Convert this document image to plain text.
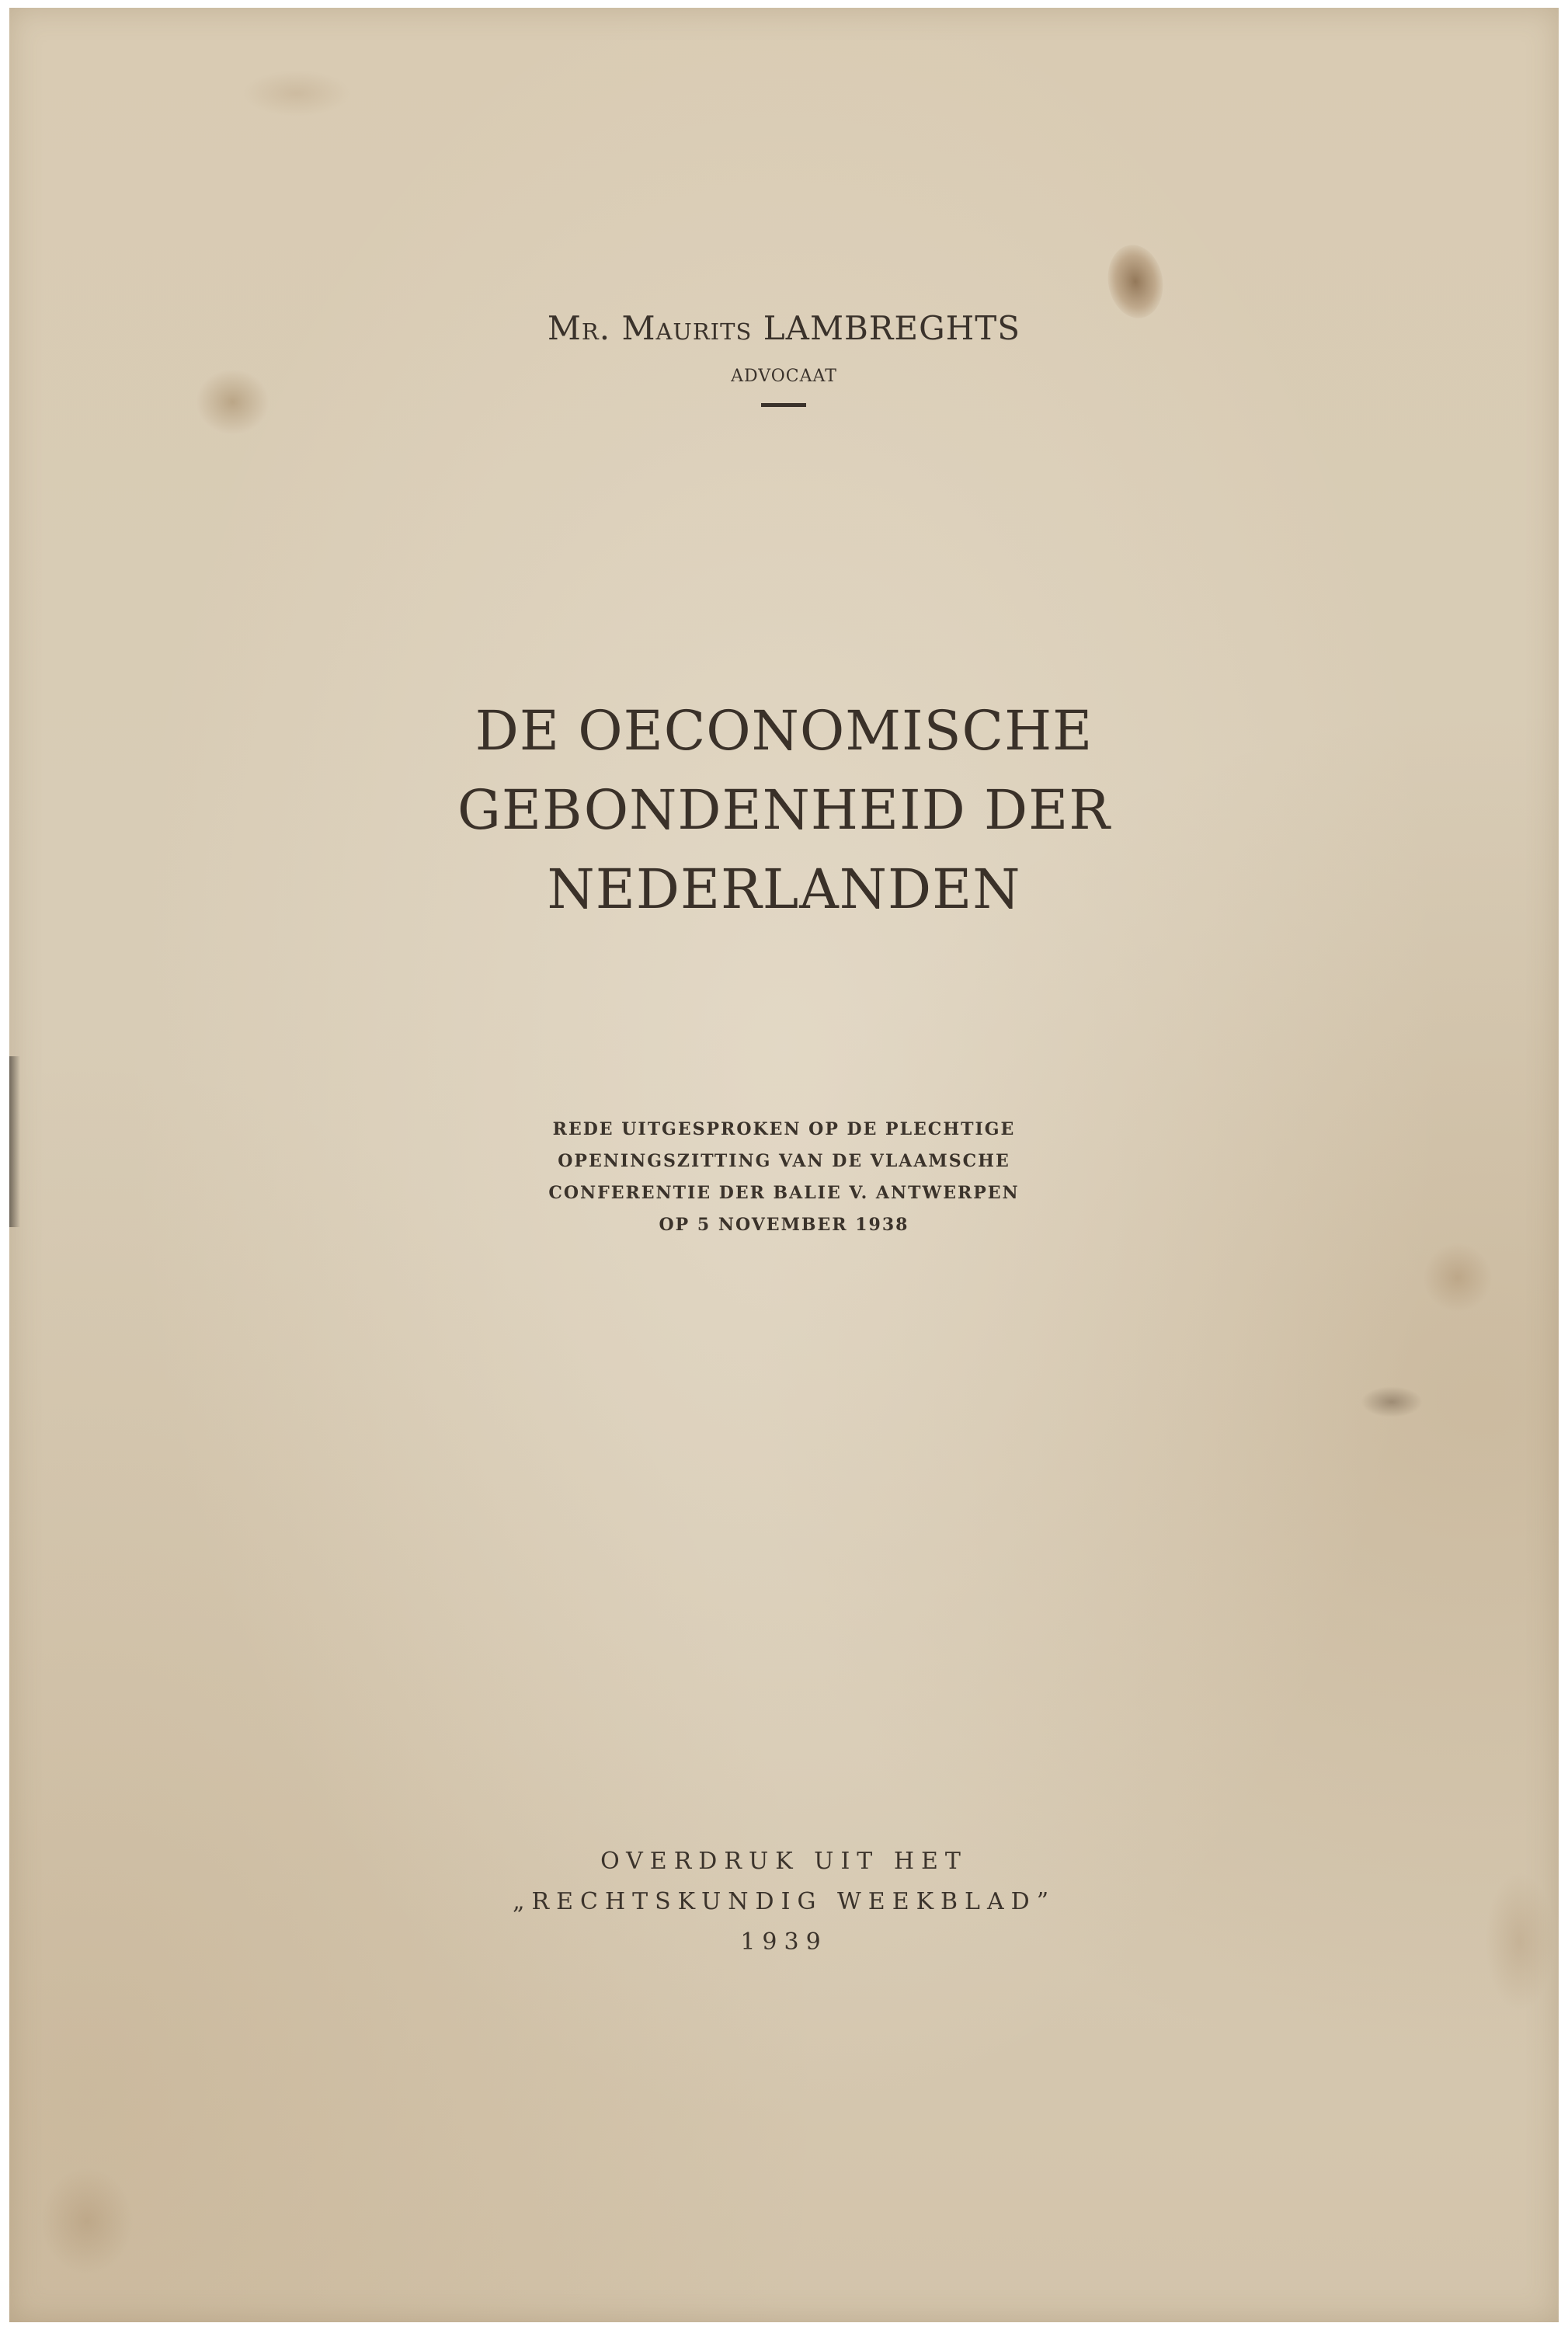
Mr. Maurits LAMBREGHTS
ADVOCAAT
DE OECONOMISCHE
GEBONDENHEID DER
NEDERLANDEN
REDE UITGESPROKEN OP DE PLECHTIGE
OPENINGSZITTING VAN DE VLAAMSCHE
CONFERENTIE DER BALIE V. ANTWERPEN
OP 5 NOVEMBER 1938
OVERDRUK UIT HET
„RECHTSKUNDIG WEEKBLAD”
1939
